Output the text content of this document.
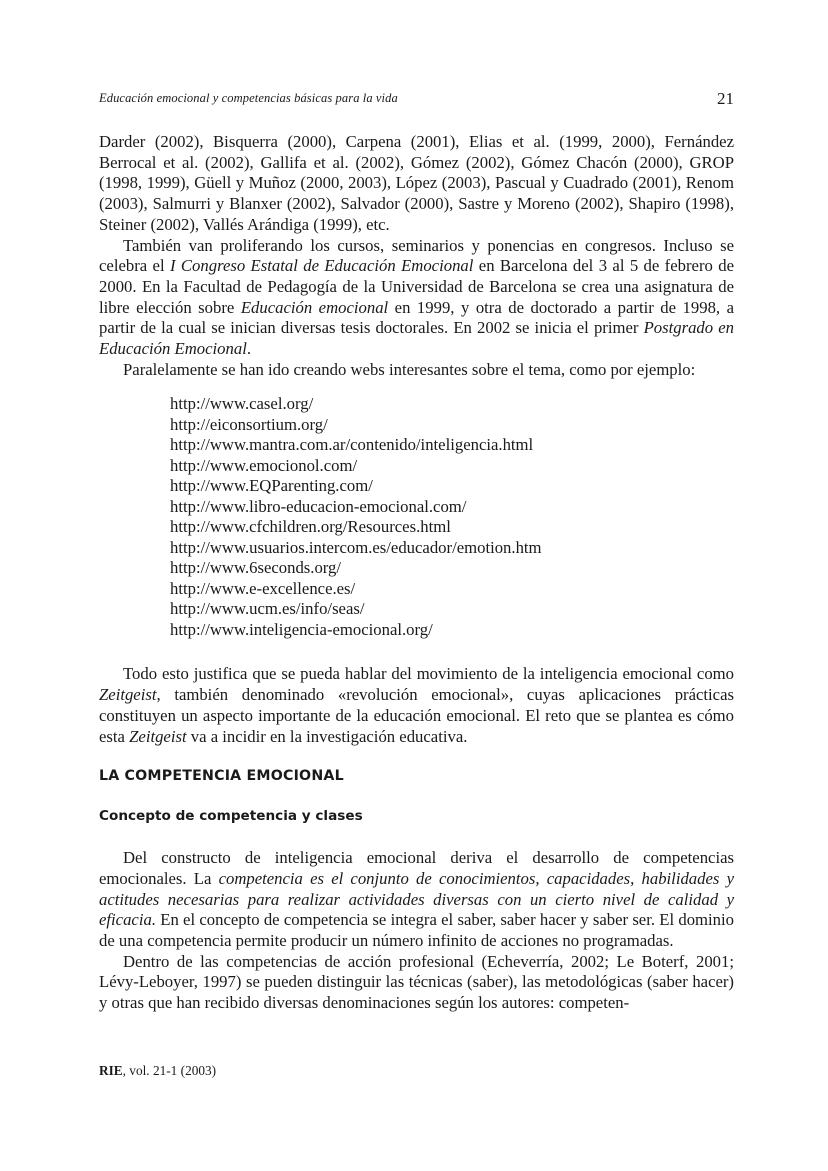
Educación emocional y competencias básicas para la vida	21

Darder (2002), Bisquerra (2000), Carpena (2001), Elias et al. (1999, 2000), Fernández Berrocal et al. (2002), Gallifa et al. (2002), Gómez (2002), Gómez Chacón (2000), GROP (1998, 1999), Güell y Muñoz (2000, 2003), López (2003), Pascual y Cuadrado (2001), Renom (2003), Salmurri y Blanxer (2002), Salvador (2000), Sastre y Moreno (2002), Shapiro (1998), Steiner (2002), Vallés Arándiga (1999), etc.

También van proliferando los cursos, seminarios y ponencias en congresos. Incluso se celebra el I Congreso Estatal de Educación Emocional en Barcelona del 3 al 5 de febrero de 2000. En la Facultad de Pedagogía de la Universidad de Barcelona se crea una asignatura de libre elección sobre Educación emocional en 1999, y otra de doctorado a partir de 1998, a partir de la cual se inician diversas tesis doctorales. En 2002 se inicia el primer Postgrado en Educación Emocional.

Paralelamente se han ido creando webs interesantes sobre el tema, como por ejemplo:

http://www.casel.org/
http://eiconsortium.org/
http://www.mantra.com.ar/contenido/inteligencia.html
http://www.emocionol.com/
http://www.EQParenting.com/
http://www.libro-educacion-emocional.com/
http://www.cfchildren.org/Resources.html
http://www.usuarios.intercom.es/educador/emotion.htm
http://www.6seconds.org/
http://www.e-excellence.es/
http://www.ucm.es/info/seas/
http://www.inteligencia-emocional.org/

Todo esto justifica que se pueda hablar del movimiento de la inteligencia emocional como Zeitgeist, también denominado «revolución emocional», cuyas aplicaciones prácticas constituyen un aspecto importante de la educación emocional. El reto que se plantea es cómo esta Zeitgeist va a incidir en la investigación educativa.

LA COMPETENCIA EMOCIONAL
Concepto de competencia y clases

Del constructo de inteligencia emocional deriva el desarrollo de competencias emocionales. La competencia es el conjunto de conocimientos, capacidades, habilidades y actitudes necesarias para realizar actividades diversas con un cierto nivel de calidad y eficacia. En el concepto de competencia se integra el saber, saber hacer y saber ser. El dominio de una competencia permite producir un número infinito de acciones no programadas.

Dentro de las competencias de acción profesional (Echeverría, 2002; Le Boterf, 2001; Lévy-Leboyer, 1997) se pueden distinguir las técnicas (saber), las metodológicas (saber hacer) y otras que han recibido diversas denominaciones según los autores: competen-

RIE, vol. 21-1 (2003)
